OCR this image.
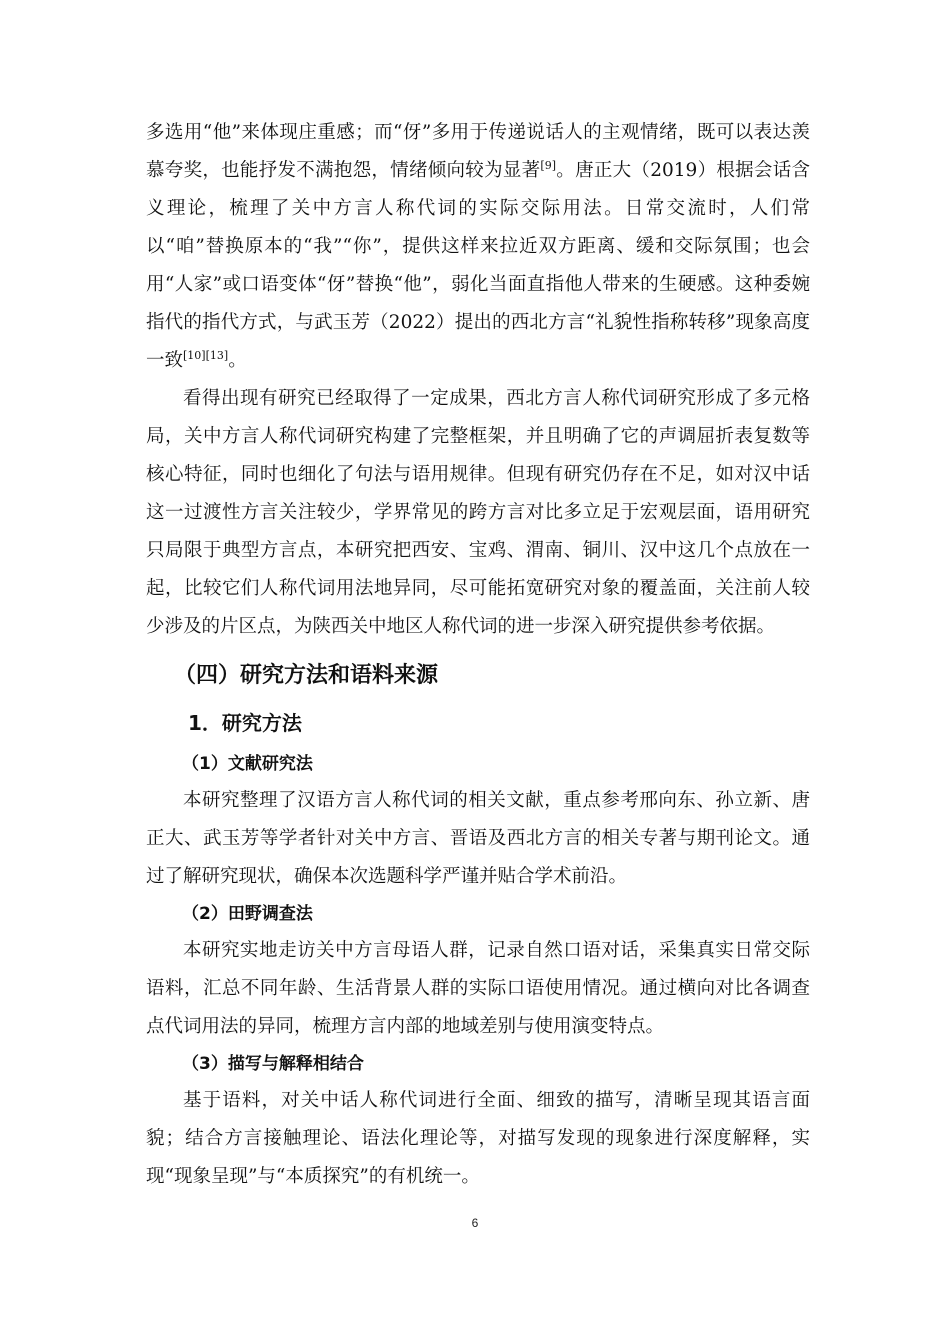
多选用“他”来体现庄重感；而“伢”多用于传递说话人的主观情绪，既可以表达羡慕夸奖，也能抒发不满抱怨，情绪倾向较为显著[9]。唐正大（2019）根据会话含义理论，梳理了关中方言人称代词的实际交际用法。日常交流时，人们常以“咱”替换原本的“我”“你”，提供这样来拉近双方距离、缓和交际氛围；也会用“人家”或口语变体“伢”替换“他”，弱化当面直指他人带来的生硬感。这种委婉指代的指代方式，与武玉芳（2022）提出的西北方言“礼貌性指称转移”现象高度一致[10][13]。

看得出现有研究已经取得了一定成果，西北方言人称代词研究形成了多元格局，关中方言人称代词研究构建了完整框架，并且明确了它的声调屈折表复数等核心特征，同时也细化了句法与语用规律。但现有研究仍存在不足，如对汉中话这一过渡性方言关注较少，学界常见的跨方言对比多立足于宏观层面，语用研究只局限于典型方言点，本研究把西安、宝鸡、渭南、铜川、汉中这几个点放在一起，比较它们人称代词用法地异同，尽可能拓宽研究对象的覆盖面，关注前人较少涉及的片区点，为陕西关中地区人称代词的进一步深入研究提供参考依据。

（四）研究方法和语料来源
1．研究方法
（1）文献研究法

本研究整理了汉语方言人称代词的相关文献，重点参考邢向东、孙立新、唐正大、武玉芳等学者针对关中方言、晋语及西北方言的相关专著与期刊论文。通过了解研究现状，确保本次选题科学严谨并贴合学术前沿。

（2）田野调查法

本研究实地走访关中方言母语人群，记录自然口语对话，采集真实日常交际语料，汇总不同年龄、生活背景人群的实际口语使用情况。通过横向对比各调查点代词用法的异同，梳理方言内部的地域差别与使用演变特点。

（3）描写与解释相结合

基于语料，对关中话人称代词进行全面、细致的描写，清晰呈现其语言面貌；结合方言接触理论、语法化理论等，对描写发现的现象进行深度解释，实现“现象呈现”与“本质探究”的有机统一。

6
